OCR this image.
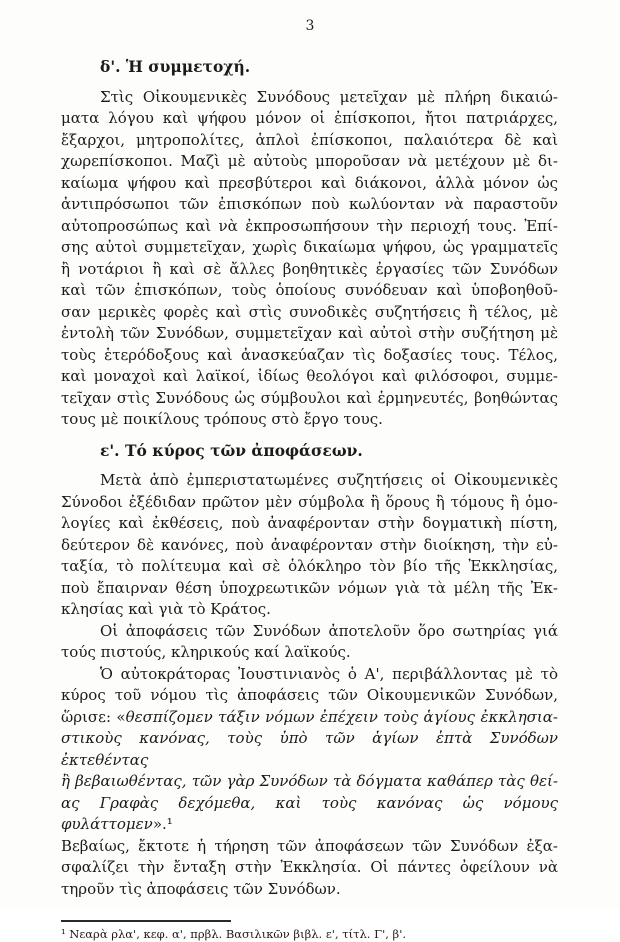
3
δ'. Ἡ συμμετοχή.
Στὶς Οἰκουμενικὲς Συνόδους μετεῖχαν μὲ πλήρη δικαιώ-
ματα λόγου καὶ ψήφου μόνον οἱ ἐπίσκοποι, ἤτοι πατριάρχες,
ἔξαρχοι, μητροπολίτες, ἁπλοὶ ἐπίσκοποι, παλαιότερα δὲ καὶ
χωρεπίσκοποι. Μαζὶ μὲ αὐτοὺς μποροῦσαν νὰ μετέχουν μὲ δι-
καίωμα ψήφου καὶ πρεσβύτεροι καὶ διάκονοι, ἀλλὰ μόνον ὡς
ἀντιπρόσωποι τῶν ἐπισκόπων ποὺ κωλύονταν νὰ παραστοῦν
αὐτοπροσώπως καὶ νὰ ἐκπροσωπήσουν τὴν περιοχή τους. Ἐπί-
σης αὐτοὶ συμμετεῖχαν, χωρὶς δικαίωμα ψήφου, ὡς γραμματεῖς
ἢ νοτάριοι ἢ καὶ σὲ ἄλλες βοηθητικὲς ἐργασίες τῶν Συνόδων
καὶ τῶν ἐπισκόπων, τοὺς ὁποίους συνόδευαν καὶ ὑποβοηθοῦ-
σαν μερικὲς φορὲς καὶ στὶς συνοδικὲς συζητήσεις ἢ τέλος, μὲ
ἐντολὴ τῶν Συνόδων, συμμετεῖχαν καὶ αὐτοὶ στὴν συζήτηση μὲ
τοὺς ἑτερόδοξους καὶ ἀνασκεύαζαν τὶς δοξασίες τους. Τέλος,
καὶ μοναχοὶ καὶ λαϊκοί, ἰδίως θεολόγοι καὶ φιλόσοφοι, συμμε-
τεῖχαν στὶς Συνόδους ὡς σύμβουλοι καὶ ἑρμηνευτές, βοηθώντας
τους μὲ ποικίλους τρόπους στὸ ἔργο τους.
ε'. Τό κύρος τῶν ἀποφάσεων.
Μετὰ ἀπὸ ἐμπεριστατωμένες συζητήσεις οἱ Οἰκουμενικὲς
Σύνοδοι ἐξέδιδαν πρῶτον μὲν σύμβολα ἢ ὅρους ἢ τόμους ἢ ὁμο-
λογίες καὶ ἐκθέσεις, ποὺ ἀναφέρονταν στὴν δογματικὴ πίστη,
δεύτερον δὲ κανόνες, ποὺ ἀναφέρονταν στὴν διοίκηση, τὴν εὐ-
ταξία, τὸ πολίτευμα καὶ σὲ ὁλόκληρο τὸν βίο τῆς Ἐκκλησίας,
ποὺ ἔπαιρναν θέση ὑποχρεωτικῶν νόμων γιὰ τὰ μέλη τῆς Ἐκ-
κλησίας καὶ γιὰ τὸ Κράτος.
Οἱ ἀποφάσεις τῶν Συνόδων ἀποτελοῦν ὅρο σωτηρίας γιά
τούς πιστούς, κληρικούς καί λαϊκούς.
Ὁ αὐτοκράτορας Ἰουστινιανὸς ὁ Α', περιβάλλοντας μὲ τὸ
κύρος τοῦ νόμου τὶς ἀποφάσεις τῶν Οἰκουμενικῶν Συνόδων,
ὥρισε: «θεσπίζομεν τάξιν νόμων ἐπέχειν τοὺς ἁγίους ἐκκλησια-
στικοὺς κανόνας, τοὺς ὑπὸ τῶν ἁγίων ἑπτὰ Συνόδων ἐκτεθέντας
ἢ βεβαιωθέντας, τῶν γὰρ Συνόδων τὰ δόγματα καθάπερ τὰς θεί-
ας Γραφὰς δεχόμεθα, καὶ τοὺς κανόνας ὡς νόμους φυλάττομεν».¹
Βεβαίως, ἔκτοτε ἡ τήρηση τῶν ἀποφάσεων τῶν Συνόδων ἐξα-
σφαλίζει τὴν ἔνταξη στὴν Ἐκκλησία. Οἱ πάντες ὀφείλουν νὰ
τηροῦν τὶς ἀποφάσεις τῶν Συνόδων.
¹ Νεαρὰ ρλα', κεφ. α', πρβλ. Βασιλικῶν βιβλ. ε', τίτλ. Γ', β'.
